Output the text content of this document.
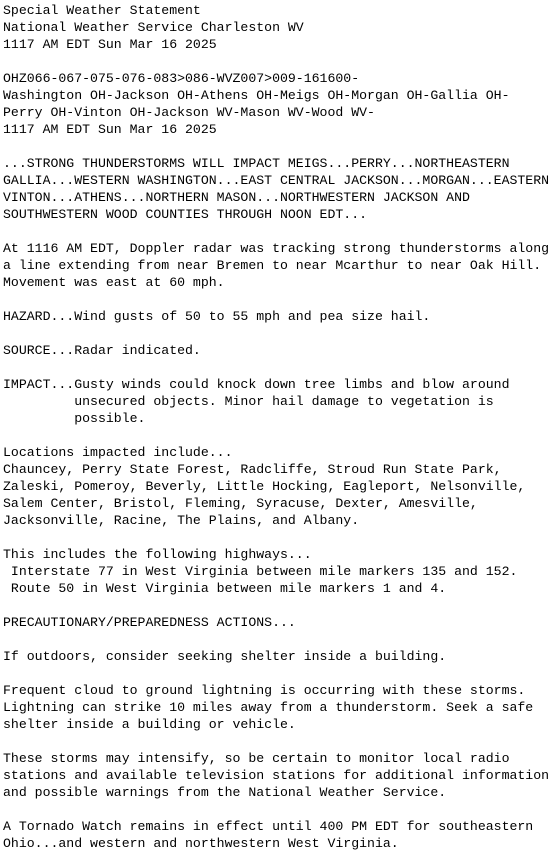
Special Weather Statement
National Weather Service Charleston WV
1117 AM EDT Sun Mar 16 2025
OHZ066-067-075-076-083>086-WVZ007>009-161600-
Washington OH-Jackson OH-Athens OH-Meigs OH-Morgan OH-Gallia OH-
Perry OH-Vinton OH-Jackson WV-Mason WV-Wood WV-
1117 AM EDT Sun Mar 16 2025
...STRONG THUNDERSTORMS WILL IMPACT MEIGS...PERRY...NORTHEASTERN
GALLIA...WESTERN WASHINGTON...EAST CENTRAL JACKSON...MORGAN...EASTERN
VINTON...ATHENS...NORTHERN MASON...NORTHWESTERN JACKSON AND
SOUTHWESTERN WOOD COUNTIES THROUGH NOON EDT...
At 1116 AM EDT, Doppler radar was tracking strong thunderstorms along
a line extending from near Bremen to near Mcarthur to near Oak Hill.
Movement was east at 60 mph.
HAZARD...Wind gusts of 50 to 55 mph and pea size hail.
SOURCE...Radar indicated.
IMPACT...Gusty winds could knock down tree limbs and blow around
unsecured objects. Minor hail damage to vegetation is
possible.
Locations impacted include...
Chauncey, Perry State Forest, Radcliffe, Stroud Run State Park,
Zaleski, Pomeroy, Beverly, Little Hocking, Eagleport, Nelsonville,
Salem Center, Bristol, Fleming, Syracuse, Dexter, Amesville,
Jacksonville, Racine, The Plains, and Albany.
This includes the following highways...
Interstate 77 in West Virginia between mile markers 135 and 152.
Route 50 in West Virginia between mile markers 1 and 4.
PRECAUTIONARY/PREPAREDNESS ACTIONS...
If outdoors, consider seeking shelter inside a building.
Frequent cloud to ground lightning is occurring with these storms.
Lightning can strike 10 miles away from a thunderstorm. Seek a safe
shelter inside a building or vehicle.
These storms may intensify, so be certain to monitor local radio
stations and available television stations for additional information
and possible warnings from the National Weather Service.
A Tornado Watch remains in effect until 400 PM EDT for southeastern
Ohio...and western and northwestern West Virginia.
